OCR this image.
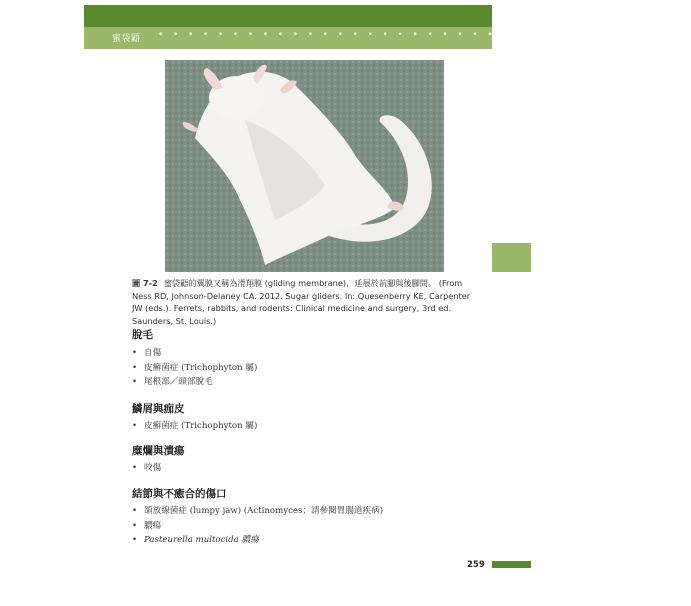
蜜袋鼯 • • • • • • • • • • • • • • • • • • • • • • • • • • • • • • • • • • • •
7
圖 7-2 蜜袋鼯的翼膜又稱為滑翔膜 (gliding membrane)，延展於前腳與後腳間。 (From Ness RD, Johnson-Delaney CA. 2012. Sugar gliders. In: Quesenberry KE, Carpenter JW (eds.). Ferrets, rabbits, and rodents: Clinical medicine and surgery, 3rd ed. Saunders, St. Louis.)
脫毛
• 自傷
• 皮癬菌症 (Trichophyton 屬)
• 尾根部／頭部脫毛
鱗屑與痂皮
• 皮癬菌症 (Trichophyton 屬)
糜爛與潰瘍
• 咬傷
結節與不癒合的傷口
• 頜放線菌症 (lumpy jaw) (Actinomyces；請參閱胃腸道疾病)
• 膿瘍
• Pasteurella multocida 膿瘍
259
